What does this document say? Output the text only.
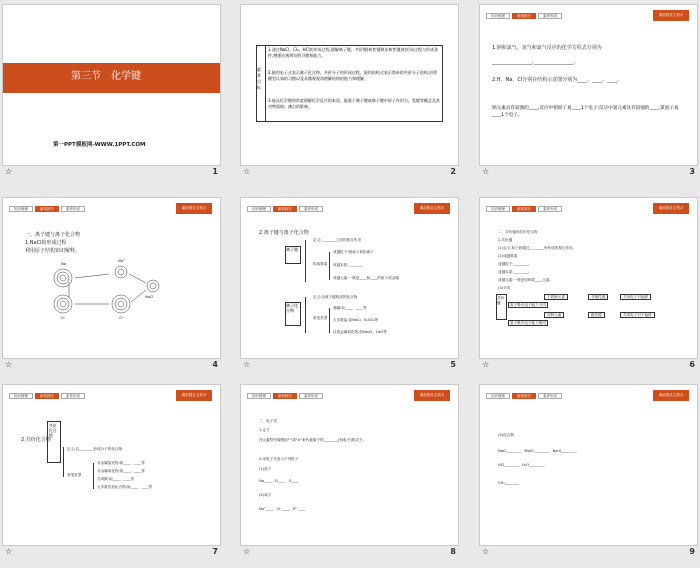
第三节　化学键
第一PPT模板网-WWW.1PPT.COM
☆	1
素养目标
1.通过NaCl、Cl₂、HCl的形成过程,理解离子键、共价键(极性键和非极性键)的形成过程与形成条件,增强宏观辨识的习惯和能力。
2.能用电子式表示离子化合物、共价分子的形成过程。能用结构式表示简单的共价分子结构,培养模型认知的习惯以及从微观视角理解结构的能力和理解。
3.能从化学键的角度理解化学反应的本质。能基于离子键或离子键中原子作用力、氢键等概念及其对物质熔、沸点的影响。
☆	2
知识梳理	新知探究	素养形成	课前预自主预习
1.钠和氯气、氢气和氯气反应的化学方程式分别为
________________,________________。
2.H、Na、Cl分别在结构示意图分别为____、____、____。
钠元素具有较强的____,反应中钠原子易____1个电子;反应中氯元素具有较强的____,氯原子易____1个电子。
☆	3
知识梳理	新知探究	素养形成	课前预自主预习
一、离子键与离子化合物
1.NaCl的形成过程
利用原子结构知识解释。
Na
Na⁺
Cl	Cl⁻
NaCl
☆	4
知识梳理	新知探究	素养形成	课前预自主预习
2.离子键与离子化合物
离子键
离子化合物
定义:________之间的相互作用
构成要素
成键粒子:阴离子和阳离子
成键本质:________
成键元素:一般是____和____的原子或金属
定义:由离子键构成的化合物
常见类型
强碱:如____、____等
大多数盐:如NaCl、K₂SO₄等
活泼金属氧化物:如Na₂O、CaO等
☆	5
知识梳理	新知探究	素养形成	课前预自主预习
二、共价键和共价化合物
1.共价键
(1)定义:原子间通过________所形成的相互作用。
(2)成键要素
成键粒子:________。
成键本质:________。
成键元素:一般是同种或____元素。
(3)分类
共价键
不同种元素	非极性键
同种元素	极性键
共用电子对偏移
共用电子对不偏移
原子吸引电子能力不同
原子吸引电子能力相同
☆	6
知识梳理	新知探究	素养形成	课前预自主预习
2.共价化合物
共价化合物
定义:以________形成分子的化合物
常见类型
非金属氢化物:如____、____等
非金属氧化物:如____、____等
含氧酸:如____、____等
大多数有机化合物:如____、____等
☆	7
知识梳理	新知探究	素养形成	课前预自主预习
三、电子式
1.定义
在元素符号周围用"·"或"×"来代表原子的________(价电子)的式子。
2.用电子式表示下列粒子
(1)原子
Na____、Cl____、S____
(2)离子
Na⁺____、Cl⁻____、S²⁻____
☆	8
知识梳理	新知探究	素养形成	课前预自主预习
(3)化合物
NaCl________、MgCl₂________、Na₂S________、
HCl________、H₂O________、
CH₄________
☆	9
